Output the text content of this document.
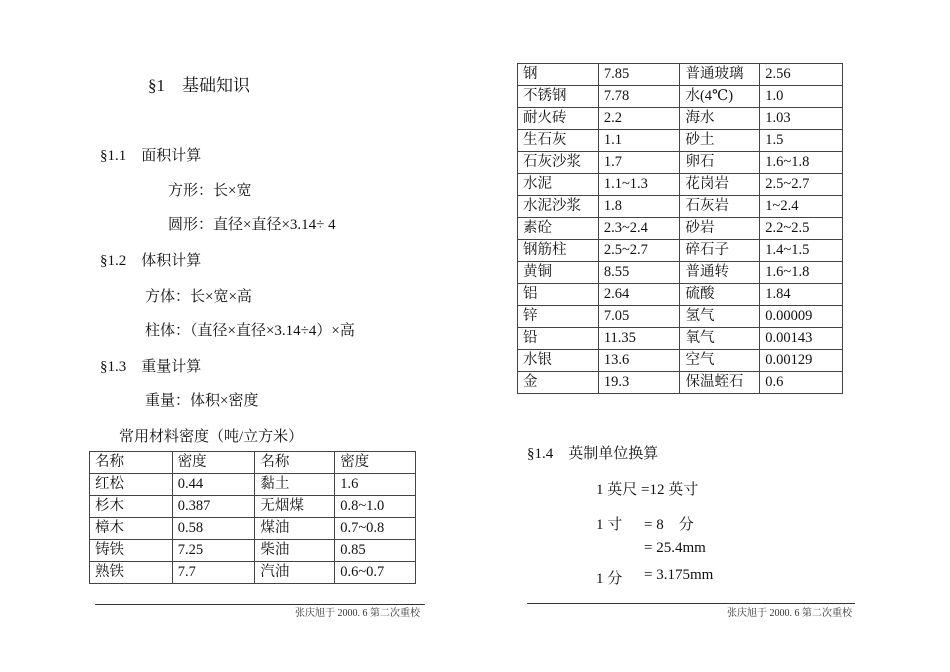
§1　基础知识
§1.1　面积计算
方形：长×宽
圆形：直径×直径×3.14÷ 4
§1.2　体积计算
方体：长×宽×高
柱体：（直径×直径×3.14÷4）×高
§1.3　重量计算
重量：体积×密度
常用材料密度（吨/立方米）
名称	密度	名称	密度
红松	0.44	黏土	1.6
杉木	0.387	无烟煤	0.8~1.0
樟木	0.58	煤油	0.7~0.8
铸铁	7.25	柴油	0.85
熟铁	7.7	汽油	0.6~0.7
张庆旭于 2000. 6 第二次重校
钢	7.85	普通玻璃	2.56
不锈钢	7.78	水(4℃)	1.0
耐火砖	2.2	海水	1.03
生石灰	1.1	砂土	1.5
石灰沙浆	1.7	卵石	1.6~1.8
水泥	1.1~1.3	花岗岩	2.5~2.7
水泥沙浆	1.8	石灰岩	1~2.4
素砼	2.3~2.4	砂岩	2.2~2.5
钢筋柱	2.5~2.7	碎石子	1.4~1.5
黄铜	8.55	普通转	1.6~1.8
铝	2.64	硫酸	1.84
锌	7.05	氢气	0.00009
铅	11.35	氧气	0.00143
水银	13.6	空气	0.00129
金	19.3	保温蛭石	0.6
§1.4　英制单位换算
1 英尺 =12 英寸
1 寸 = 8　分
= 25.4mm
1 分 = 3.175mm
张庆旭于 2000. 6 第二次重校
